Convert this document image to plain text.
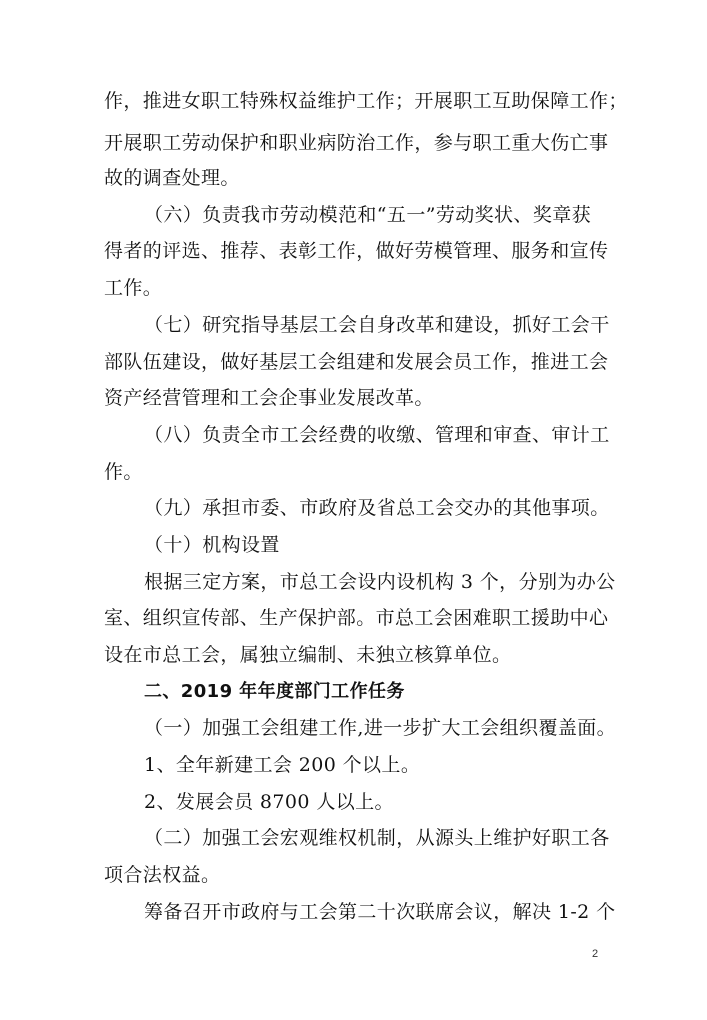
作，推进女职工特殊权益维护工作；开展职工互助保障工作；
开展职工劳动保护和职业病防治工作，参与职工重大伤亡事
故的调查处理。
（六）负责我市劳动模范和“五一”劳动奖状、奖章获
得者的评选、推荐、表彰工作，做好劳模管理、服务和宣传
工作。
（七）研究指导基层工会自身改革和建设，抓好工会干
部队伍建设，做好基层工会组建和发展会员工作，推进工会
资产经营管理和工会企事业发展改革。
（八）负责全市工会经费的收缴、管理和审查、审计工
作。
（九）承担市委、市政府及省总工会交办的其他事项。
（十）机构设置
根据三定方案，市总工会设内设机构 3 个，分别为办公
室、组织宣传部、生产保护部。市总工会困难职工援助中心
设在市总工会，属独立编制、未独立核算单位。
二、2019 年年度部门工作任务
（一）加强工会组建工作,进一步扩大工会组织覆盖面。
1、全年新建工会 200 个以上。
2、发展会员 8700 人以上。
（二）加强工会宏观维权机制，从源头上维护好职工各
项合法权益。
筹备召开市政府与工会第二十次联席会议，解决 1-2 个
2
